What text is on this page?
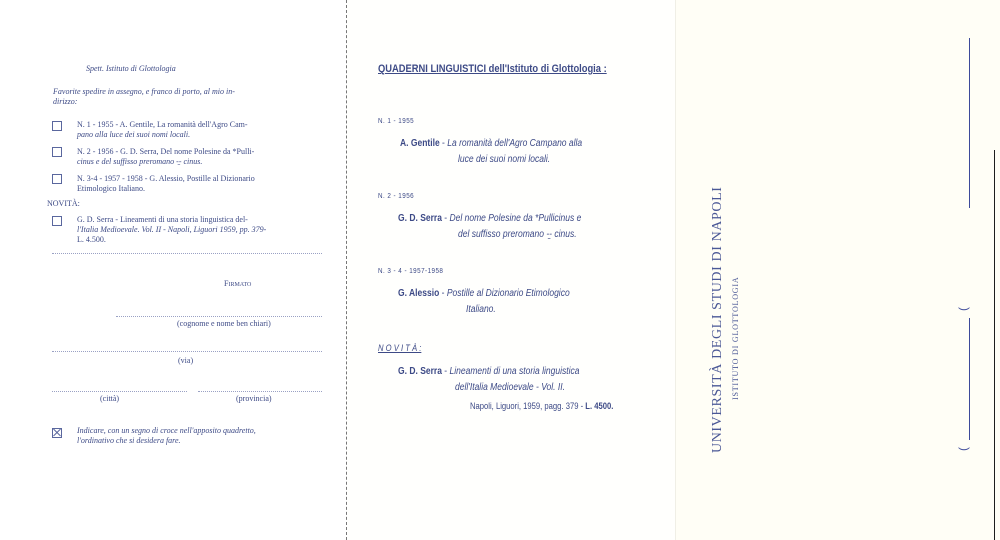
Spett. Istituto di Glottologia
Favorite spedire in assegno, e franco di porto, al mio in-
dirizzo:
N. 1 - 1955 - A. Gentile, La romanità dell'Agro Cam-
pano alla luce dei suoi nomi locali.
N. 2 - 1956 - G. D. Serra, Del nome Polesine da *Pulli-
cinus e del suffisso preromano -̠- cinus.
N. 3-4 - 1957 - 1958 - G. Alessio, Postille al Dizionario
Etimologico Italiano.
NOVITÀ:
G. D. Serra - Lineamenti di una storia linguistica del-
l'Italia Medioevale. Vol. II - Napoli, Liguori 1959, pp. 379-
L. 4.500.
Firmato
(cognome e nome ben chiari)
(via)
(città)	(provincia)
Indicare, con un segno di croce nell'apposito quadretto,
l'ordinativo che si desidera fare.
QUADERNI LINGUISTICI dell'Istituto di Glottologia :
N. 1 - 1955
A. Gentile - La romanità dell'Agro Campano alla
luce dei suoi nomi locali.
N. 2 - 1956
G. D. Serra - Del nome Polesine da *Pullicinus e
del suffisso preromano -̠- cinus.
N. 3 - 4 - 1957-1958
G. Alessio - Postille al Dizionario Etimologico
Italiano.
N O V I T À :
G. D. Serra - Lineamenti di una storia linguistica
dell'Italia Medioevale - Vol. II.
Napoli, Liguori, 1959, pagg. 379 - L. 4500.	UNIVERSITÀ DEGLI STUDI DI NAPOLI ISTITUTO DI GLOTTOLOGIA	(
(
